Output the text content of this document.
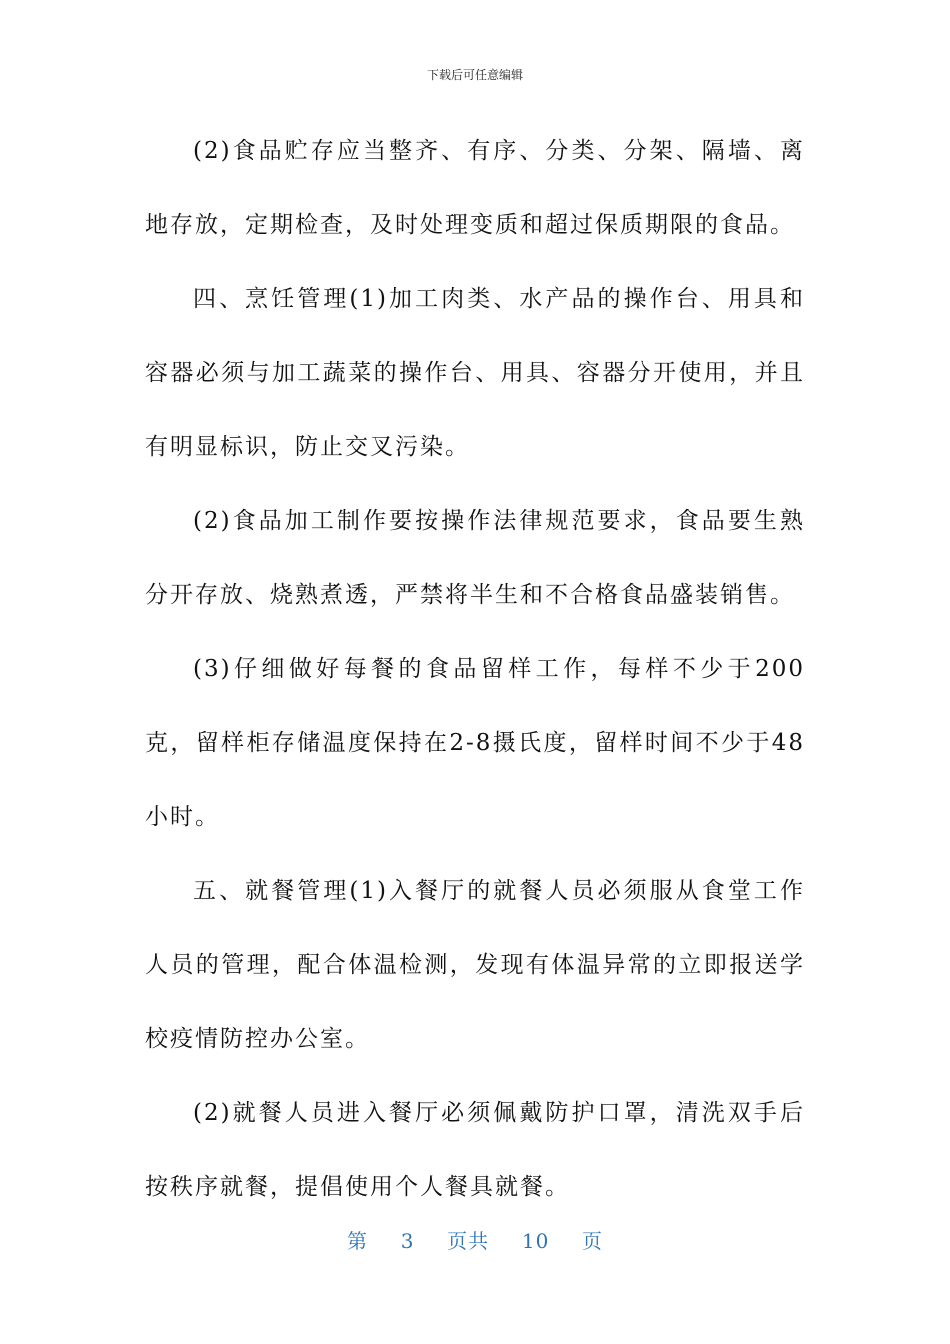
下载后可任意编辑

(2)食品贮存应当整齐、有序、分类、分架、隔墙、离地存放，定期检查，及时处理变质和超过保质期限的食品。

四、烹饪管理(1)加工肉类、水产品的操作台、用具和容器必须与加工蔬菜的操作台、用具、容器分开使用，并且有明显标识，防止交叉污染。

(2)食品加工制作要按操作法律规范要求，食品要生熟分开存放、烧熟煮透，严禁将半生和不合格食品盛装销售。

(3)仔细做好每餐的食品留样工作，每样不少于200克，留样柜存储温度保持在2-8摄氏度，留样时间不少于48小时。

五、就餐管理(1)入餐厅的就餐人员必须服从食堂工作人员的管理，配合体温检测，发现有体温异常的立即报送学校疫情防控办公室。

(2)就餐人员进入餐厅必须佩戴防护口罩，清洗双手后按秩序就餐，提倡使用个人餐具就餐。

第 3 页共 10 页
